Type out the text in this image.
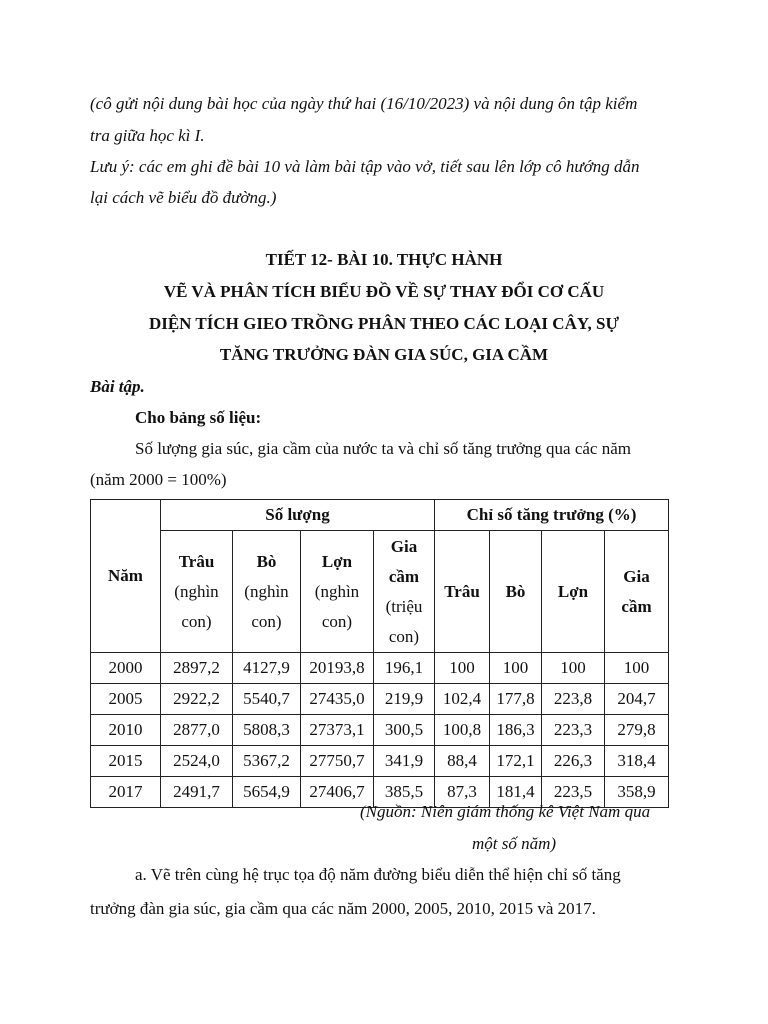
(cô gửi nội dung bài học của ngày thứ hai (16/10/2023) và nội dung ôn tập kiểm
tra giữa học kì I.
Lưu ý: các em ghi đề bài 10 và làm bài tập vào vở, tiết sau lên lớp cô hướng dẫn
lại cách vẽ biểu đồ đường.)
TIẾT 12- BÀI 10. THỰC HÀNH
VẼ VÀ PHÂN TÍCH BIỂU ĐỒ VỀ SỰ THAY ĐỔI CƠ CẤU
DIỆN TÍCH GIEO TRỒNG PHÂN THEO CÁC LOẠI CÂY, SỰ
TĂNG TRƯỞNG ĐÀN GIA SÚC, GIA CẦM
Bài tập.
Cho bảng số liệu:
Số lượng gia súc, gia cầm của nước ta và chỉ số tăng trưởng qua các năm
(năm 2000 = 100%)
Năm	Số lượng				Chỉ số tăng trưởng (%)			

	Trâu
(nghìn
con)	Bò
(nghìn
con)	Lợn
(nghìn
con)	Gia
cầm
(triệu
con)	Trâu	Bò	Lợn	Gia
cầm

2000	2897,2	4127,9	20193,8	196,1	100	100	100	100
2005	2922,2	5540,7	27435,0	219,9	102,4	177,8	223,8	204,7
2010	2877,0	5808,3	27373,1	300,5	100,8	186,3	223,3	279,8
2015	2524,0	5367,2	27750,7	341,9	88,4	172,1	226,3	318,4
2017	2491,7	5654,9	27406,7	385,5	87,3	181,4	223,5	358,9
(Nguồn: Niên giám thống kê Việt Nam qua
một số năm)
a. Vẽ trên cùng hệ trục tọa độ năm đường biểu diễn thể hiện chỉ số tăng
trưởng đàn gia súc, gia cầm qua các năm 2000, 2005, 2010, 2015 và 2017.
